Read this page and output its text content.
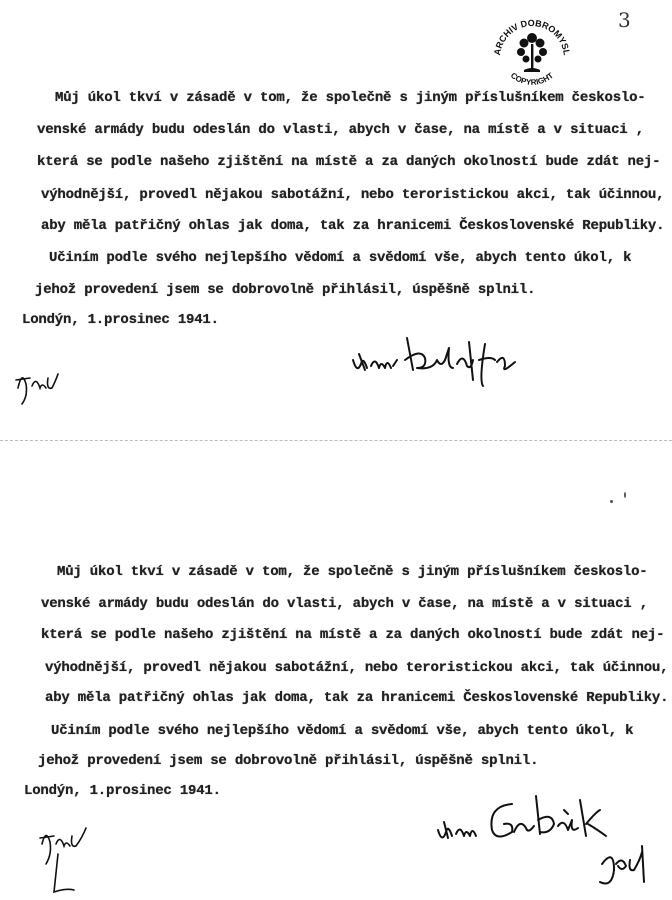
ARCHIV DOBROMYSL
COPYRIGHT
3
Můj úkol tkví v zásadě v tom, že společně s jiným příslušníkem českoslo-
venské armády budu odeslán do vlasti, abych v čase, na místě a v situaci ,
která se podle našeho zjištění na místě a za daných okolností bude zdát nej-
výhodnější, provedl nějakou sabotážní, nebo teroristickou akci, tak účinnou,
aby měla patřičný ohlas jak doma, tak za hranicemi Československé Republiky.
Učiním podle svého nejlepšího vědomí a svědomí vše, abych tento úkol, k
jehož provedení jsem se dobrovolně přihlásil, úspěšně splnil.
Londýn, 1.prosinec 1941.
Můj úkol tkví v zásadě v tom, že společně s jiným příslušníkem českoslo-
venské armády budu odeslán do vlasti, abych v čase, na místě a v situaci ,
která se podle našeho zjištění na místě a za daných okolností bude zdát nej-
výhodnější, provedl nějakou sabotážní, nebo teroristickou akci, tak účinnou,
aby měla patřičný ohlas jak doma, tak za hranicemi Československé Republiky.
Učiním podle svého nejlepšího vědomí a svědomí vše, abych tento úkol, k
jehož provedení jsem se dobrovolně přihlásil, úspěšně splnil.
Londýn, 1.prosinec 1941.
